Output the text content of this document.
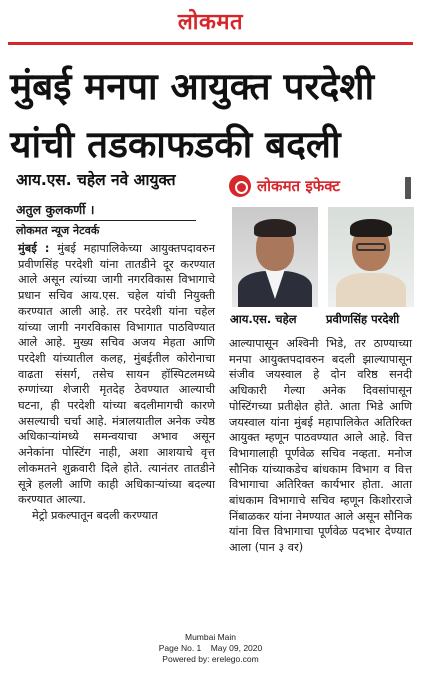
लोकमत
मुंबई मनपा आयुक्त परदेशी
यांची तडकाफडकी बदली
आय.एस. चहेल नवे आयुक्त
अतुल कुलकर्णी ।
लोकमत न्यूज नेटवर्क
लोकमत इफेक्ट
आय.एस. चहेल	प्रवीणसिंह परदेशी

मुंबई : मुंबई महापालिकेच्या आयुक्तपदावरुन प्रवीणसिंह परदेशी यांना तातडीने दूर करण्यात आले असून त्यांच्या जागी नगरविकास विभागाचे प्रधान सचिव आय.एस. चहेल यांची नियुक्ती करण्यात आली आहे. तर परदेशी यांना चहेल यांच्या जागी नगरविकास विभागात पाठविण्यात आले आहे. मुख्य सचिव अजय मेहता आणि परदेशी यांच्यातील कलह, मुंबईतील कोरोनाचा वाढता संसर्ग, तसेच सायन हॉस्पिटलमध्ये रुग्णांच्या शेजारी मृतदेह ठेवण्यात आल्याची घटना, ही परदेशी यांच्या बदलीमागची कारणे असल्याची चर्चा आहे. मंत्रालयातील अनेक ज्येष्ठ अधिकाऱ्यांमध्ये समन्वयाचा अभाव असून अनेकांना पोस्टिंग नाही, अशा आशयाचे वृत्त लोकमतने शुक्रवारी दिले होते. त्यानंतर तातडीने सूत्रे हलली आणि काही अधिकाऱ्यांच्या बदल्या करण्यात आल्या.

मेट्रो प्रकल्पातून बदली करण्यात

आल्यापासून अश्विनी भिडे, तर ठाण्याच्या मनपा आयुक्तपदावरुन बदली झाल्यापासून संजीव जयस्वाल हे दोन वरिष्ठ सनदी अधिकारी गेल्या अनेक दिवसांपासून पोस्टिंगच्या प्रतीक्षेत होते. आता भिडे आणि जयस्वाल यांना मुंबई महापालिकेत अतिरिक्त आयुक्त म्हणून पाठवण्यात आले आहे. वित्त विभागालाही पूर्णवेळ सचिव नव्हता. मनोज सौनिक यांच्याकडेच बांधकाम विभाग व वित्त विभागाचा अतिरिक्त कार्यभार होता. आता बांधकाम विभागाचे सचिव म्हणून किशोरराजे निंबाळकर यांना नेमण्यात आले असून सौनिक यांना वित्त विभागाचा पूर्णवेळ पदभार देण्यात आला (पान ३ वर)

Mumbai Main
Page No. 1    May 09, 2020
Powered by: erelego.com
